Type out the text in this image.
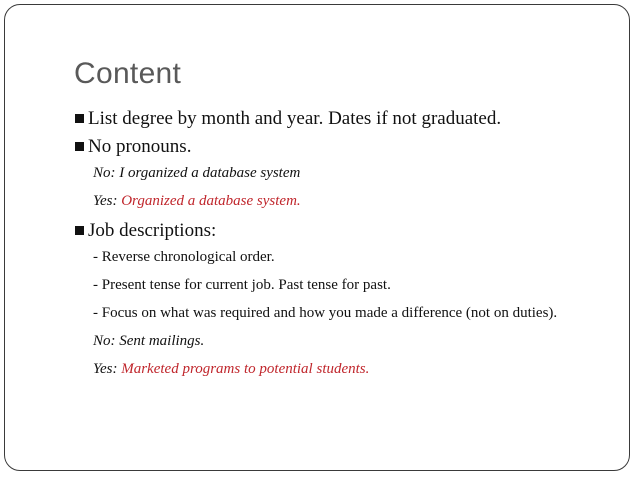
Content
List degree by month and year. Dates if not graduated.
No pronouns.
No: I organized a database system
Yes: Organized a database system.
Job descriptions:
- Reverse chronological order.
- Present tense for current job. Past tense for past.
- Focus on what was required and how you made a difference (not on duties).
No: Sent mailings.
Yes: Marketed programs to potential students.
